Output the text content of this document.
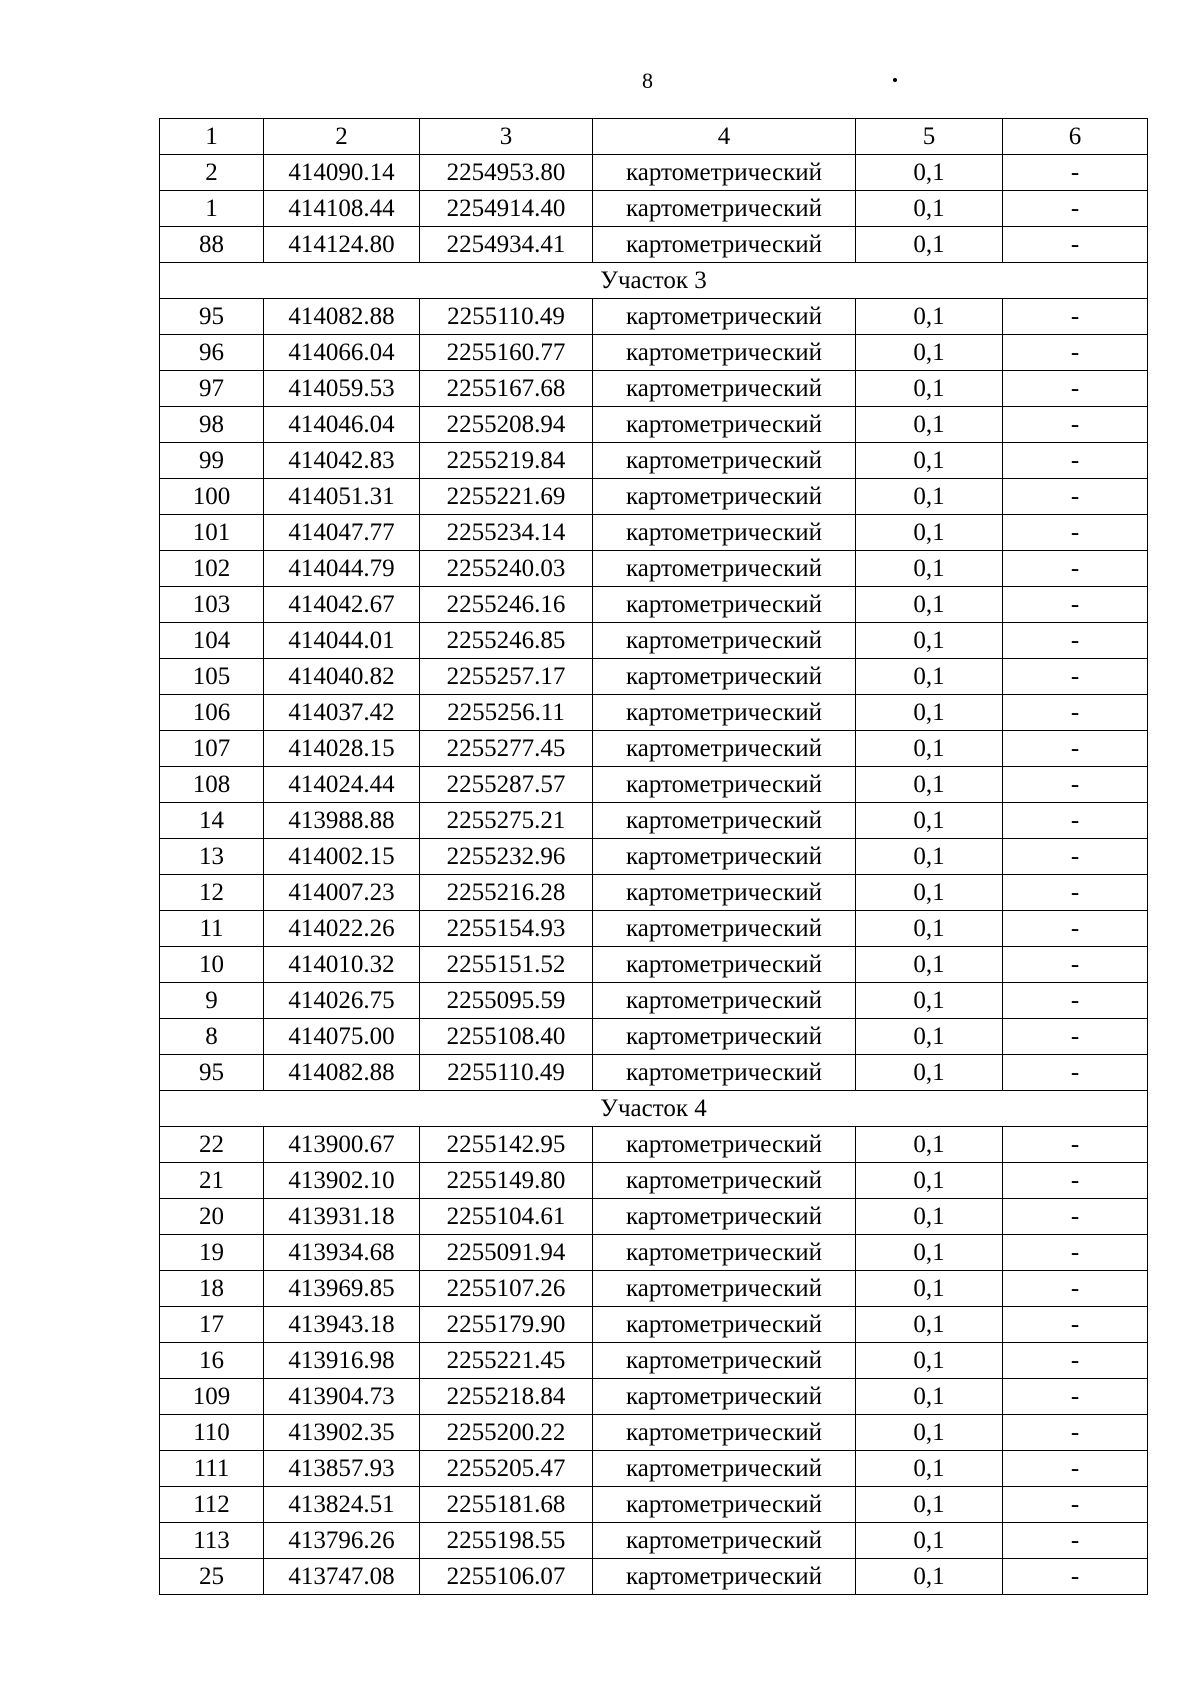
8
1	2	3	4	5	6
2	414090.14	2254953.80	картометрический	0,1	-
1	414108.44	2254914.40	картометрический	0,1	-
88	414124.80	2254934.41	картометрический	0,1	-
Участок 3					
95	414082.88	2255110.49	картометрический	0,1	-
96	414066.04	2255160.77	картометрический	0,1	-
97	414059.53	2255167.68	картометрический	0,1	-
98	414046.04	2255208.94	картометрический	0,1	-
99	414042.83	2255219.84	картометрический	0,1	-
100	414051.31	2255221.69	картометрический	0,1	-
101	414047.77	2255234.14	картометрический	0,1	-
102	414044.79	2255240.03	картометрический	0,1	-
103	414042.67	2255246.16	картометрический	0,1	-
104	414044.01	2255246.85	картометрический	0,1	-
105	414040.82	2255257.17	картометрический	0,1	-
106	414037.42	2255256.11	картометрический	0,1	-
107	414028.15	2255277.45	картометрический	0,1	-
108	414024.44	2255287.57	картометрический	0,1	-
14	413988.88	2255275.21	картометрический	0,1	-
13	414002.15	2255232.96	картометрический	0,1	-
12	414007.23	2255216.28	картометрический	0,1	-
11	414022.26	2255154.93	картометрический	0,1	-
10	414010.32	2255151.52	картометрический	0,1	-
9	414026.75	2255095.59	картометрический	0,1	-
8	414075.00	2255108.40	картометрический	0,1	-
95	414082.88	2255110.49	картометрический	0,1	-
Участок 4					
22	413900.67	2255142.95	картометрический	0,1	-
21	413902.10	2255149.80	картометрический	0,1	-
20	413931.18	2255104.61	картометрический	0,1	-
19	413934.68	2255091.94	картометрический	0,1	-
18	413969.85	2255107.26	картометрический	0,1	-
17	413943.18	2255179.90	картометрический	0,1	-
16	413916.98	2255221.45	картометрический	0,1	-
109	413904.73	2255218.84	картометрический	0,1	-
110	413902.35	2255200.22	картометрический	0,1	-
111	413857.93	2255205.47	картометрический	0,1	-
112	413824.51	2255181.68	картометрический	0,1	-
113	413796.26	2255198.55	картометрический	0,1	-
25	413747.08	2255106.07	картометрический	0,1	-
